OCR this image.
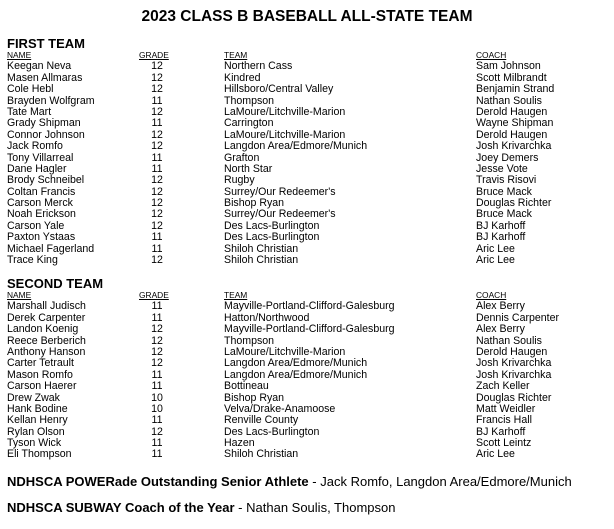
2023 CLASS B BASEBALL ALL-STATE TEAM
FIRST TEAM
NAME	GRADE	TEAM	COACH
Keegan Neva	12	Northern Cass	Sam Johnson
Masen Allmaras	12	Kindred	Scott Milbrandt
Cole Hebl	12	Hillsboro/Central Valley	Benjamin Strand
Brayden Wolfgram	11	Thompson	Nathan Soulis
Tate Mart	12	LaMoure/Litchville-Marion	Derold Haugen
Grady Shipman	11	Carrington	Wayne Shipman
Connor Johnson	12	LaMoure/Litchville-Marion	Derold Haugen
Jack Romfo	12	Langdon Area/Edmore/Munich	Josh Krivarchka
Tony Villarreal	11	Grafton	Joey Demers
Dane Hagler	11	North Star	Jesse Vote
Brody Schneibel	12	Rugby	Travis Risovi
Coltan Francis	12	Surrey/Our Redeemer's	Bruce Mack
Carson Merck	12	Bishop Ryan	Douglas Richter
Noah Erickson	12	Surrey/Our Redeemer's	Bruce Mack
Carson Yale	12	Des Lacs-Burlington	BJ Karhoff
Paxton Ystaas	11	Des Lacs-Burlington	BJ Karhoff
Michael Fagerland	11	Shiloh Christian	Aric Lee
Trace King	12	Shiloh Christian	Aric Lee
SECOND TEAM
NAME	GRADE	TEAM	COACH
Marshall Judisch	11	Mayville-Portland-Clifford-Galesburg	Alex Berry
Derek Carpenter	11	Hatton/Northwood	Dennis Carpenter
Landon Koenig	12	Mayville-Portland-Clifford-Galesburg	Alex Berry
Reece Berberich	12	Thompson	Nathan Soulis
Anthony Hanson	12	LaMoure/Litchville-Marion	Derold Haugen
Carter Tetrault	12	Langdon Area/Edmore/Munich	Josh Krivarchka
Mason Romfo	11	Langdon Area/Edmore/Munich	Josh Krivarchka
Carson Haerer	11	Bottineau	Zach Keller
Drew Zwak	10	Bishop Ryan	Douglas Richter
Hank Bodine	10	Velva/Drake-Anamoose	Matt Weidler
Kellan Henry	11	Renville County	Francis Hall
Rylan Olson	12	Des Lacs-Burlington	BJ Karhoff
Tyson Wick	11	Hazen	Scott Leintz
Eli Thompson	11	Shiloh Christian	Aric Lee
NDHSCA POWERade Outstanding Senior Athlete - Jack Romfo, Langdon Area/Edmore/Munich
NDHSCA SUBWAY Coach of the Year - Nathan Soulis, Thompson
